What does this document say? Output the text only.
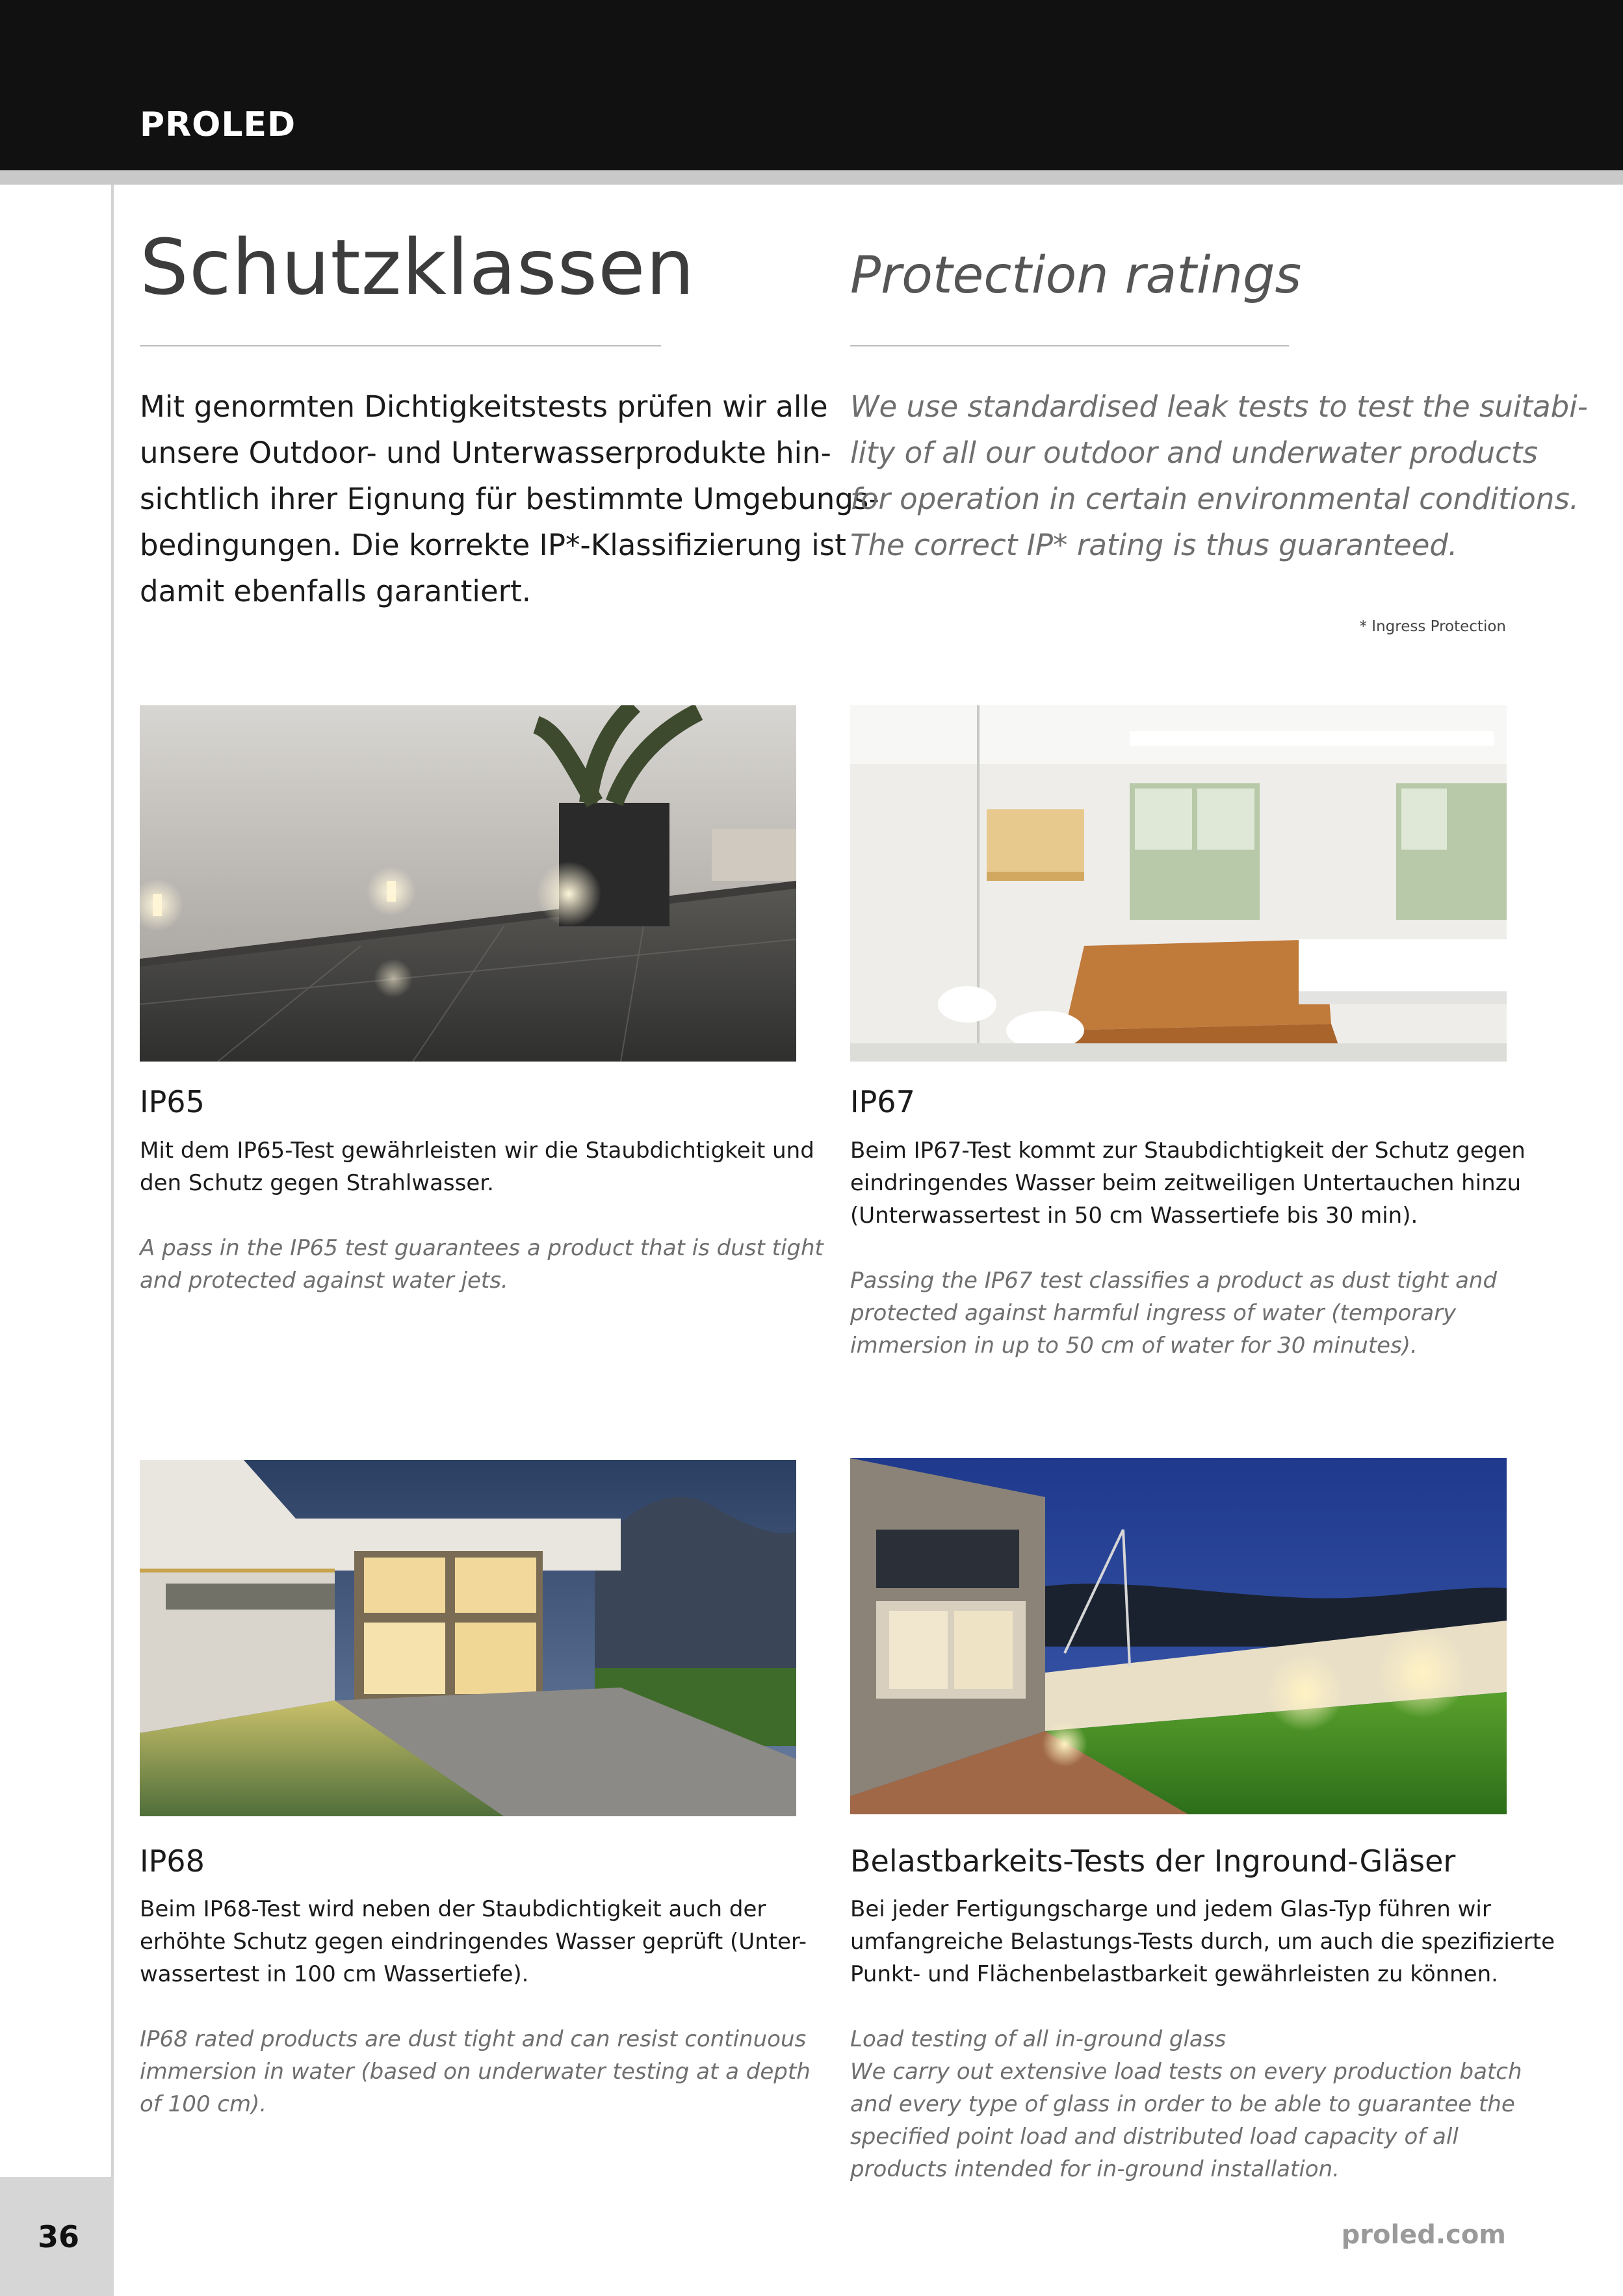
PROLED
Schutzklassen	Protection ratings
Mit genormten Dichtigkeitstests prüfen wir alle
unsere Outdoor- und Unterwasserprodukte hin-
sichtlich ihrer Eignung für bestimmte Umgebungs-
bedingungen. Die korrekte IP*-Klassifizierung ist
damit ebenfalls garantiert.
We use standardised leak tests to test the suitabi-
lity of all our outdoor and underwater products
for operation in certain environmental conditions.
The correct IP* rating is thus guaranteed.
* Ingress Protection
IP65
Mit dem IP65-Test gewährleisten wir die Staubdichtigkeit und
den Schutz gegen Strahlwasser.
A pass in the IP65 test guarantees a product that is dust tight
and protected against water jets.
IP67
Beim IP67-Test kommt zur Staubdichtigkeit der Schutz gegen
eindringendes Wasser beim zeitweiligen Untertauchen hinzu
(Unterwassertest in 50 cm Wassertiefe bis 30 min).
Passing the IP67 test classifies a product as dust tight and
protected against harmful ingress of water (temporary
immersion in up to 50 cm of water for 30 minutes).
IP68
Beim IP68-Test wird neben der Staubdichtigkeit auch der
erhöhte Schutz gegen eindringendes Wasser geprüft (Unter-
wassertest in 100 cm Wassertiefe).
IP68 rated products are dust tight and can resist continuous
immersion in water (based on underwater testing at a depth
of 100 cm).
Belastbarkeits-Tests der Inground-Gläser
Bei jeder Fertigungscharge und jedem Glas-Typ führen wir
umfangreiche Belastungs-Tests durch, um auch die spezifizierte
Punkt- und Flächenbelastbarkeit gewährleisten zu können.
Load testing of all in-ground glass
We carry out extensive load tests on every production batch
and every type of glass in order to be able to guarantee the
specified point load and distributed load capacity of all
products intended for in-ground installation.
36	proled.com
